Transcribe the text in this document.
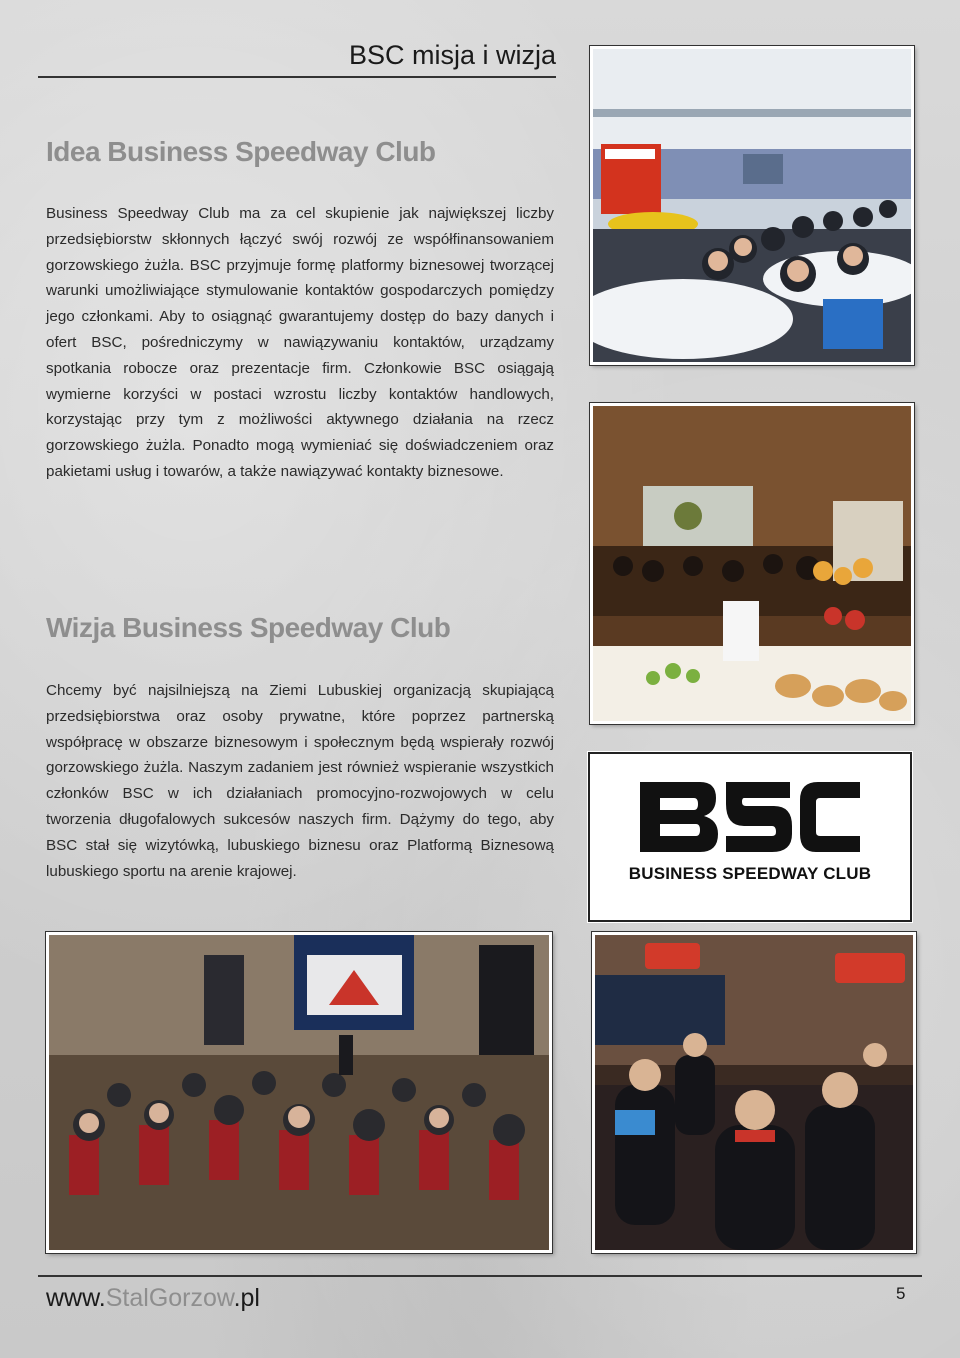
BSC misja i wizja
Idea Business Speedway Club

Business Speedway Club ma za cel skupienie jak największej liczby przedsiębiorstw skłonnych łączyć swój rozwój ze współfinansowaniem gorzowskiego żużla. BSC przyjmuje formę platformy biznesowej tworzącej warunki umożliwiające stymulowanie kontaktów gospodarczych pomiędzy jego członkami. Aby to osiągnąć gwarantujemy dostęp do bazy danych i ofert BSC, pośredniczymy w nawiązywaniu kontaktów, urządzamy spotkania robocze oraz prezentacje firm. Członkowie BSC osiągają wymierne korzyści w postaci wzrostu liczby kontaktów handlowych, korzystając przy tym z możliwości aktywnego działania na rzecz gorzowskiego żużla. Ponadto mogą wymieniać się doświadczeniem oraz pakietami usług i towarów, a także nawiązywać kontakty biznesowe.

Wizja Business Speedway Club

Chcemy być najsilniejszą na Ziemi Lubuskiej organizacją skupiającą przedsiębiorstwa oraz osoby prywatne, które poprzez partnerską współpracę w obszarze biznesowym i społecznym będą wspierały rozwój gorzowskiego żużla. Naszym zadaniem jest również wspieranie wszystkich członków BSC w ich działaniach promocyjno-rozwojowych w celu tworzenia długofalowych sukcesów naszych firm. Dążymy do tego, aby BSC stał się wizytówką, lubuskiego biznesu oraz Platformą Biznesową lubuskiego sportu na arenie krajowej.	BUSINESS SPEEDWAY CLUB
www.StalGorzow.pl	5
